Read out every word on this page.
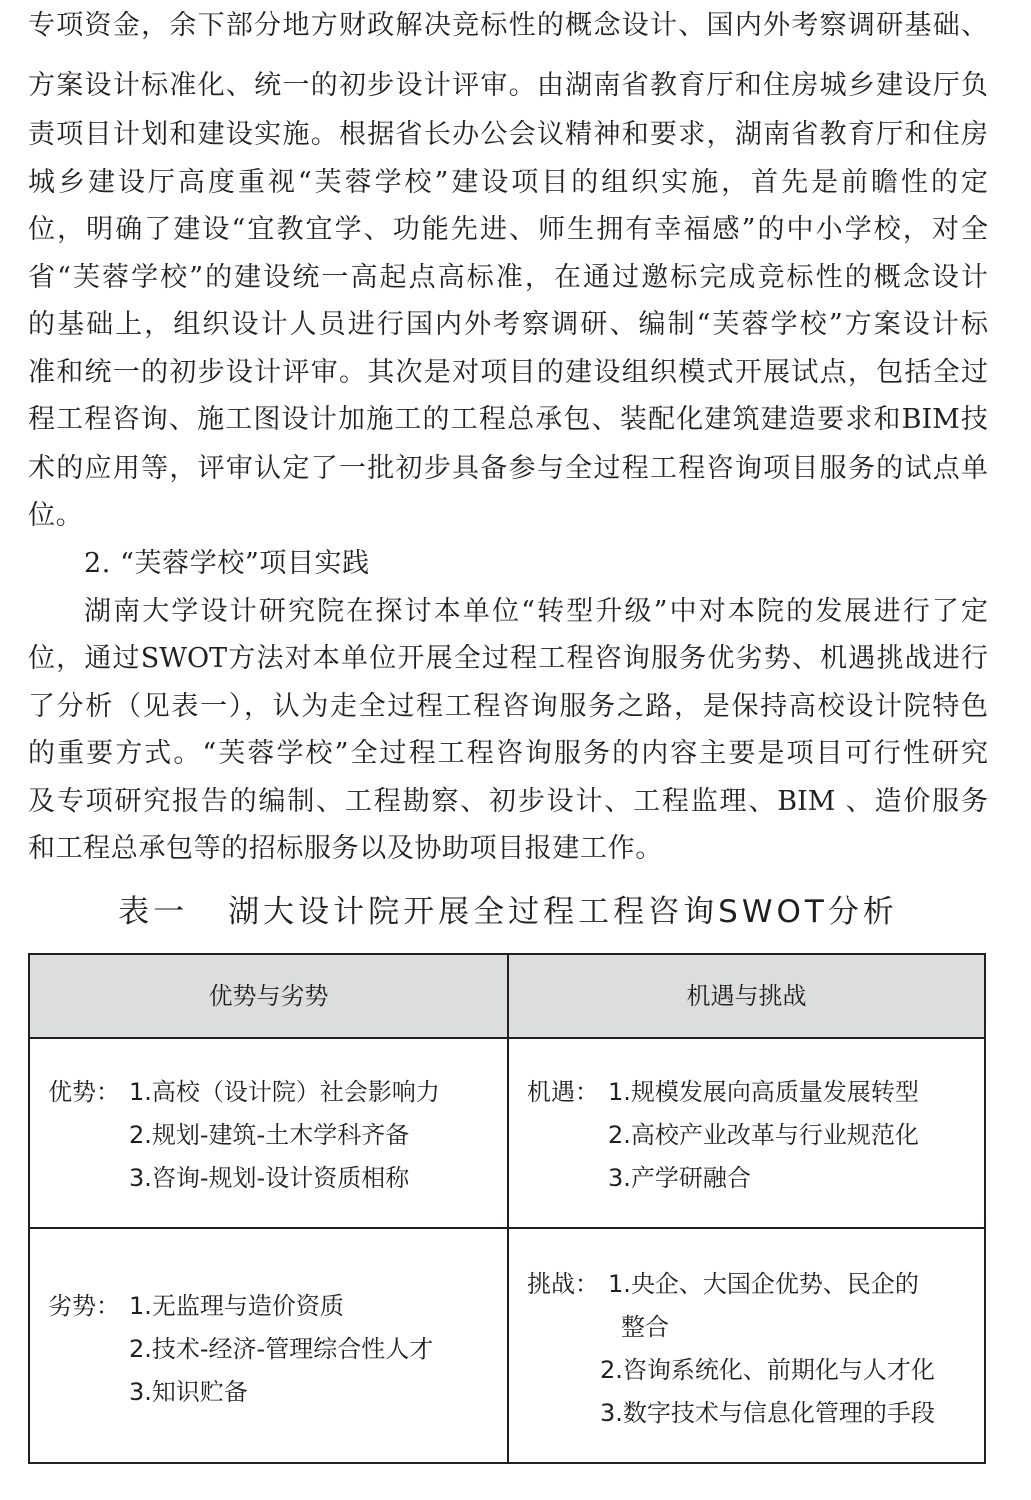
专项资金，余下部分地方财政解决竞标性的概念设计、国内外考察调研基础、
方案设计标准化、统一的初步设计评审。由湖南省教育厅和住房城乡建设厅负
责项目计划和建设实施。根据省长办公会议精神和要求，湖南省教育厅和住房
城乡建设厅高度重视“芙蓉学校”建设项目的组织实施，首先是前瞻性的定
位，明确了建设“宜教宜学、功能先进、师生拥有幸福感”的中小学校，对全
省“芙蓉学校”的建设统一高起点高标准，在通过邀标完成竞标性的概念设计
的基础上，组织设计人员进行国内外考察调研、编制“芙蓉学校”方案设计标
准和统一的初步设计评审。其次是对项目的建设组织模式开展试点，包括全过
程工程咨询、施工图设计加施工的工程总承包、装配化建筑建造要求和BIM技
术的应用等，评审认定了一批初步具备参与全过程工程咨询项目服务的试点单
位。
2. “芙蓉学校”项目实践
湖南大学设计研究院在探讨本单位“转型升级”中对本院的发展进行了定
位，通过SWOT方法对本单位开展全过程工程咨询服务优劣势、机遇挑战进行
了分析（见表一），认为走全过程工程咨询服务之路，是保持高校设计院特色
的重要方式。“芙蓉学校”全过程工程咨询服务的内容主要是项目可行性研究
及专项研究报告的编制、工程勘察、初步设计、工程监理、BIM 、造价服务
和工程总承包等的招标服务以及协助项目报建工作。
表一 湖大设计院开展全过程工程咨询SWOT分析
优势与劣势	机遇与挑战
优势： 1.高校（设计院）社会影响力
2.规划-建筑-土木学科齐备
3.咨询-规划-设计资质相称
机遇： 1.规模发展向高质量发展转型
2.高校产业改革与行业规范化
3.产学研融合
劣势： 1.无监理与造价资质
2.技术-经济-管理综合性人才
3.知识贮备
挑战： 1.央企、大国企优势、民企的
整合
2.咨询系统化、前期化与人才化
3.数字技术与信息化管理的手段
